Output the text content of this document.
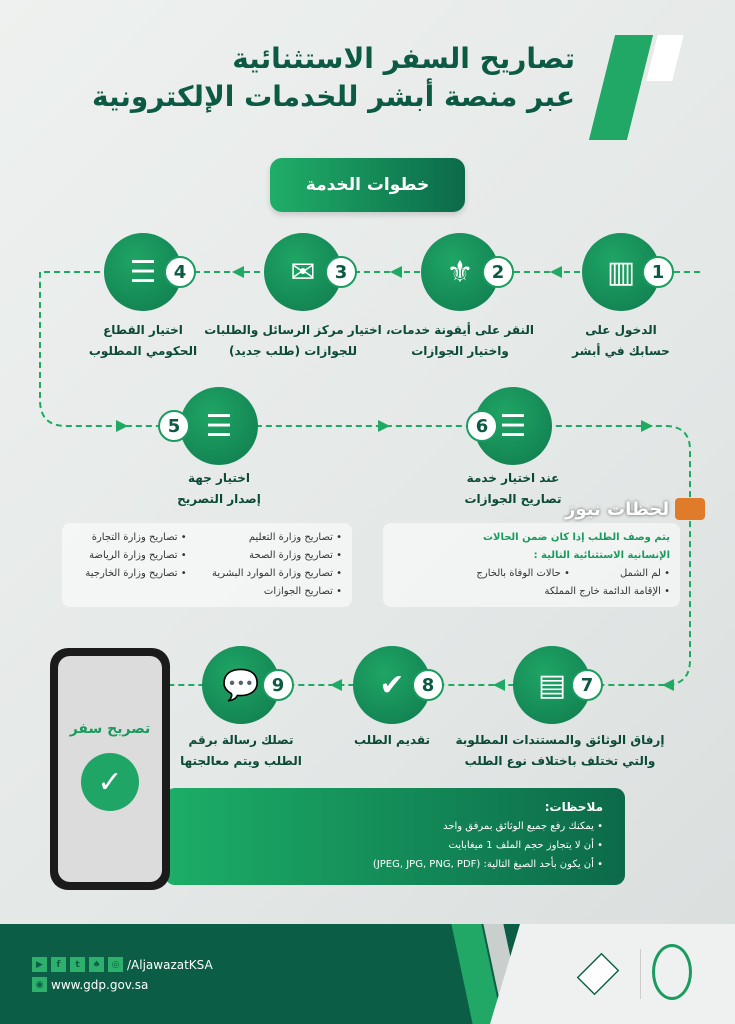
تصاريح السفر الاستثنائية
عبر منصة أبشر للخدمات الإلكترونية
خطوات الخدمة
▥ 1
الدخول على
حسابك في أبشر
⚜	2
النقر على أيقونة خدمات،
واختيار الجوازات
✉	3
اختيار مركز الرسائل والطلبات
للجوازات (طلب جديد)
☰ 4
اختيار القطاع
الحكومي المطلوب
☰
5
اختيار جهة
إصدار التصريح
☰
6
عند اختيار خدمة
تصاريح الجوازات
• تصاريح وزارة التعليم
• تصاريح وزارة التجارة
• تصاريح وزارة الصحة
• تصاريح وزارة الرياضة
• تصاريح وزارة الموارد البشرية
• تصاريح وزارة الخارجية
• تصاريح الجوازات
يتم وصف الطلب إذا كان ضمن الحالات
الإنسانية الاستثنائية التالية :
• لم الشمل
• حالات الوفاة بالخارج
• الإقامة الدائمة خارج المملكة
لحظات نيوز
▤ 7
إرفاق الوثائق والمستندات المطلوبة
والتي تختلف باختلاف نوع الطلب
✔ 8
تقديم الطلب
💬 9
تصلك رسالة برقم
الطلب ويتم معالجتها
ملاحظات:
• يمكنك رفع جميع الوثائق بمرفق واحد
• أن لا يتجاوز حجم الملف 1 ميغابايت
• أن يكون بأحد الصيغ التالية: (JPEG, JPG, PNG, PDF)
تصريح سفر
✓
▶	f	t	♠	◎ /AljawazatKSA
◉ www.gdp.gov.sa
